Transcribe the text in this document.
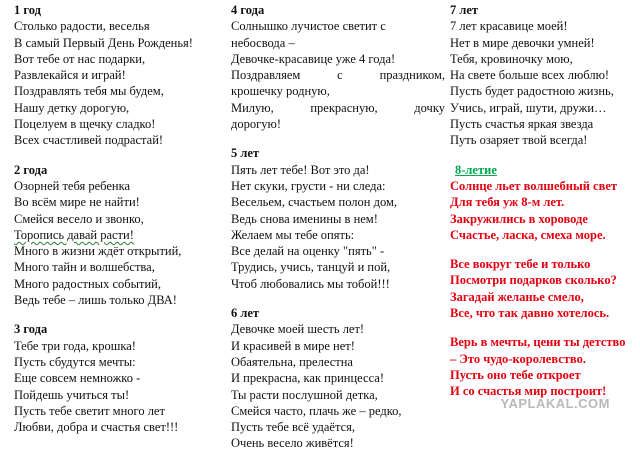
1 год
Столько радости, веселья
В самый Первый День Рожденья!
Вот тебе от нас подарки,
Развлекайся и играй!
Поздравлять тебя мы будем,
Нашу детку дорогую,
Поцелуем в щечку сладко!
Всех счастливей подрастай!
2 года
Озорней тебя ребенка
Во всём мире не найти!
Смейся весело и звонко,
Торопись давай расти!
Много в жизни ждёт открытий,
Много тайн и волшебства,
Много радостных событий,
Ведь тебе – лишь только ДВА!
3 года
Тебе три года, крошка!
Пусть сбудутся мечты:
Еще совсем немножко -
Пойдешь учиться ты!
Пусть тебе светит много лет
Любви, добра и счастья свет!!!
4 года
Солнышко лучистое светит с
небосвода –
Девочке-красавице уже 4 года!
Поздравляем с праздником,
крошечку родную,
Милую, прекрасную, дочку
дорогую!
5 лет
Пять лет тебе! Вот это да!
Нет скуки, грусти - ни следа:
Весельем, счастьем полон дом,
Ведь снова именины в нем!
Желаем мы тебе опять:
Все делай на оценку "пять" -
Трудись, учись, танцуй и пой,
Чтоб любовались мы тобой!!!
6 лет
Девочке моей шесть лет!
И красивей в мире нет!
Обаятельна, прелестна
И прекрасна, как принцесса!
Ты расти послушной детка,
Смейся часто, плачь же – редко,
Пусть тебе всё удаётся,
Очень весело живётся!
7 лет
7 лет красавице моей!
Нет в мире девочки умней!
Тебя, кровиночку мою,
На свете больше всех люблю!
Пусть будет радостною жизнь,
Учись, играй, шути, дружи…
Пусть счастья яркая звезда
Путь озаряет твой всегда!
8-летие
Солнце льет волшебный свет
Для тебя уж 8-м лет.
Закружились в хороводе
Счастье, ласка, смеха море.
Все вокруг тебе и только
Посмотри подарков сколько?
Загадай желанье смело,
Все, что так давно хотелось.
Верь в мечты, цени ты детство
– Это чудо-королевство.
Пусть оно тебе откроет
И со счастья мир построит!
YAPLAKAL.COM
